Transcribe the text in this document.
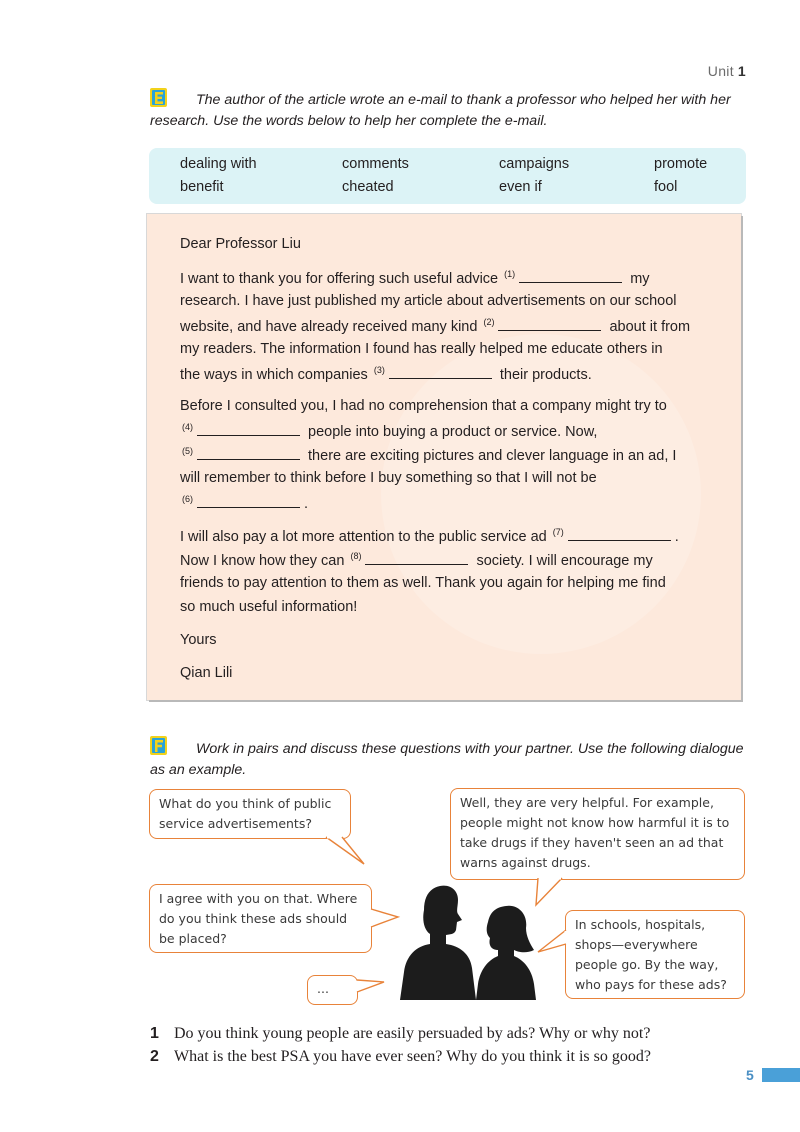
Unit 1
The author of the article wrote an e-mail to thank a professor who helped her with her research. Use the words below to help her complete the e-mail.
dealing with	comments	campaigns	promote
benefit	cheated	even if	fool
Dear Professor Liu
I want to thank you for offering such useful advice $^{(1)}$	my
research. I have just published my article about advertisements on our school
website, and have already received many kind $^{(2)}$	about it from
my readers. The information I found has really helped me educate others in
the ways in which companies $^{(3)}$	their products.
Before I consulted you, I had no comprehension that a company might try to
$^{(4)}$	people into buying a product or service. Now,
$^{(5)}$	there are exciting pictures and clever language in an ad, I
will remember to think before I buy something so that I will not be
$^{(6)}$	.
I will also pay a lot more attention to the public service ad $^{(7)}$	.
Now I know how they can $^{(8)}$	society. I will encourage my
friends to pay attention to them as well. Thank you again for helping me find
so much useful information!
Yours
Qian Lili
Work in pairs and discuss these questions with your partner. Use the following dialogue as an example.
What do you think of public service advertisements?
Well, they are very helpful. For example, people might not know how harmful it is to take drugs if they haven't seen an ad that warns against drugs.
I agree with you on that. Where do you think these ads should be placed?
In schools, hospitals, shops—everywhere people go. By the way, who pays for these ads?
...
1 Do you think young people are easily persuaded by ads? Why or why not?
2 What is the best PSA you have ever seen? Why do you think it is so good?
5
